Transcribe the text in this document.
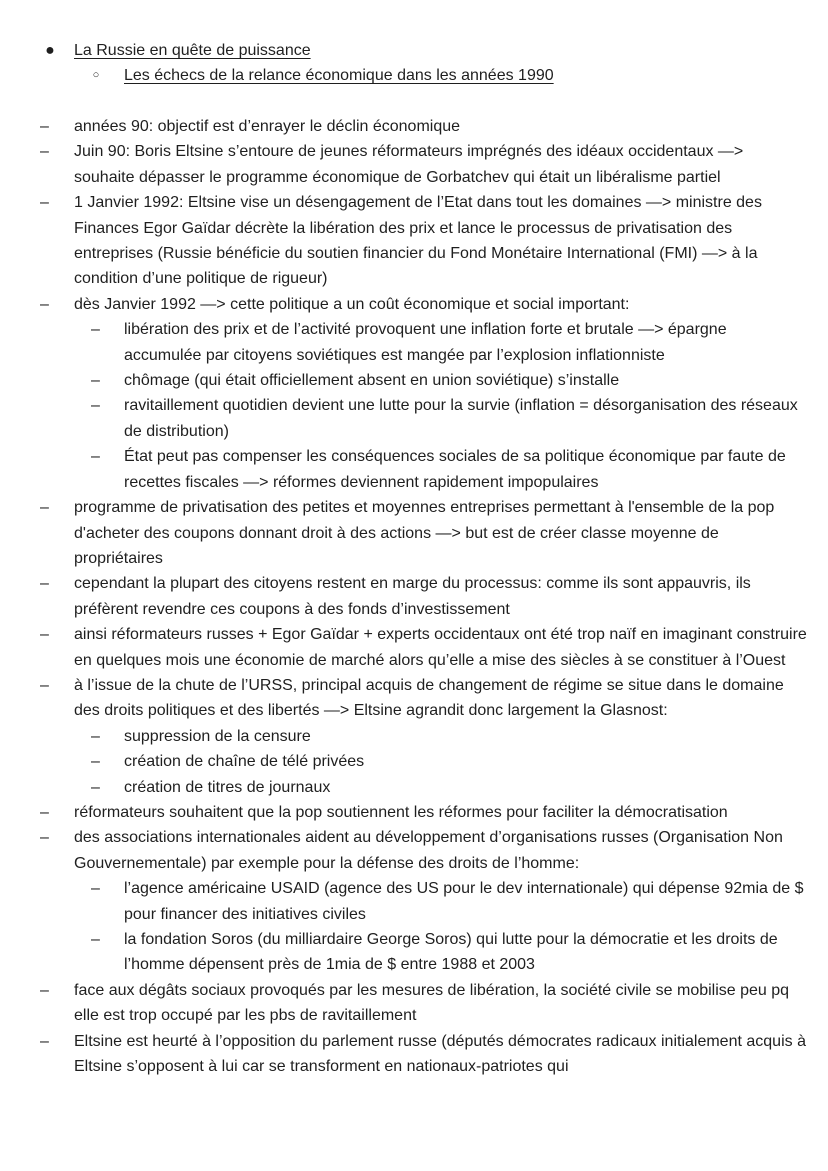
●	La Russie en quête de puissance

○	Les échecs de la relance économique dans les années 1990

–	années 90: objectif est d’enrayer le déclin économique
–	Juin 90: Boris Eltsine s’entoure de jeunes réformateurs imprégnés des idéaux occidentaux —> souhaite dépasser le programme économique de Gorbatchev qui était un libéralisme partiel
–	1 Janvier 1992: Eltsine vise un désengagement de l’Etat dans tout les domaines —> ministre des Finances Egor Gaïdar décrète la libération des prix et lance le processus de privatisation des entreprises (Russie bénéficie du soutien financier du Fond Monétaire International (FMI) —> à la condition d’une politique de rigueur)
–	dès Janvier 1992 —> cette politique a un coût économique et social important:
–	libération des prix et de l’activité provoquent une inflation forte et brutale —> épargne accumulée par citoyens soviétiques est mangée par l’explosion inflationniste
–	chômage (qui était officiellement absent en union soviétique) s’installe
–	ravitaillement quotidien devient une lutte pour la survie (inflation = désorganisation des réseaux de distribution)
–	État peut pas compenser les conséquences sociales de sa politique économique par faute de recettes fiscales —> réformes deviennent rapidement impopulaires
–	programme de privatisation des petites et moyennes entreprises permettant à l'ensemble de la pop d'acheter des coupons donnant droit à des actions —> but est de créer classe moyenne de propriétaires
–	cependant la plupart des citoyens restent en marge du processus: comme ils sont appauvris, ils préfèrent revendre ces coupons à des fonds d’investissement
–	ainsi réformateurs russes + Egor Gaïdar + experts occidentaux ont été trop naïf en imaginant construire en quelques mois une économie de marché alors qu’elle a mise des siècles à se constituer à l’Ouest
–	à l’issue de la chute de l’URSS, principal acquis de changement de régime se situe dans le domaine des droits politiques et des libertés —> Eltsine agrandit donc largement la Glasnost:
–	suppression de la censure
–	création de chaîne de télé privées
–	création de titres de journaux
–	réformateurs souhaitent que la pop soutiennent les réformes pour faciliter la démocratisation
–	des associations internationales aident au développement d’organisations russes (Organisation Non Gouvernementale) par exemple pour la défense des droits de l’homme:
–	l’agence américaine USAID (agence des US pour le dev internationale) qui dépense 92mia de $ pour financer des initiatives civiles
–	la fondation Soros (du milliardaire George Soros) qui lutte pour la démocratie et les droits de l’homme dépensent près de 1mia de $ entre 1988 et 2003
–	face aux dégâts sociaux provoqués par les mesures de libération, la société civile se mobilise peu pq elle est trop occupé par les pbs de ravitaillement
–	Eltsine est heurté à l’opposition du parlement russe (députés démocrates radicaux initialement acquis à Eltsine s’opposent à lui car se transforment en nationaux-patriotes qui
